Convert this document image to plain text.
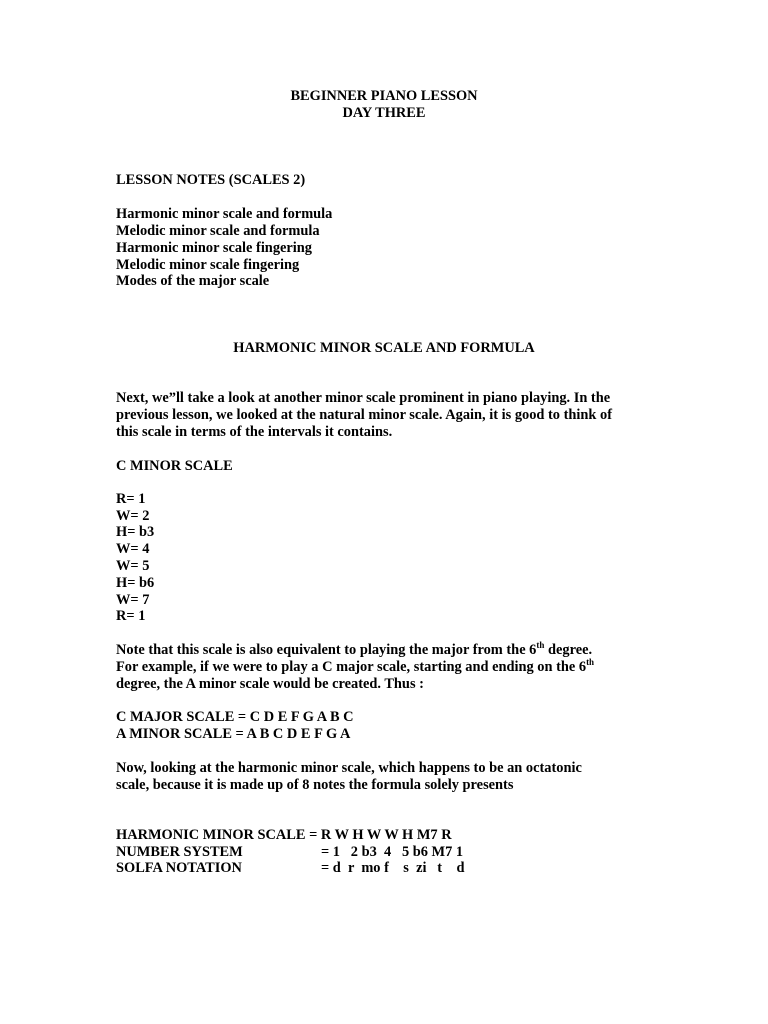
BEGINNER PIANO LESSON
DAY THREE
LESSON NOTES (SCALES 2)
Harmonic minor scale and formula
Melodic minor scale and formula
Harmonic minor scale fingering
Melodic minor scale fingering
Modes of the major scale
HARMONIC MINOR SCALE AND FORMULA
Next, we”ll take a look at another minor scale prominent in piano playing. In the
previous lesson, we looked at the natural minor scale. Again, it is good to think of
this scale in terms of the intervals it contains.
C MINOR SCALE
R= 1
W= 2
H= b3
W= 4
W= 5
H= b6
W= 7
R= 1
Note that this scale is also equivalent to playing the major from the 6th degree.
For example, if we were to play a C major scale, starting and ending on the 6th
degree, the A minor scale would be created. Thus :
C MAJOR SCALE = C D E F G A B C
A MINOR SCALE = A B C D E F G A
Now, looking at the harmonic minor scale, which happens to be an octatonic
scale, because it is made up of 8 notes the formula solely presents
HARMONIC MINOR SCALE = R W H W W H M7 R
NUMBER SYSTEM	= 1   2 b3  4   5 b6 M7 1
SOLFA NOTATION	= d  r  mo f    s  zi   t    d
